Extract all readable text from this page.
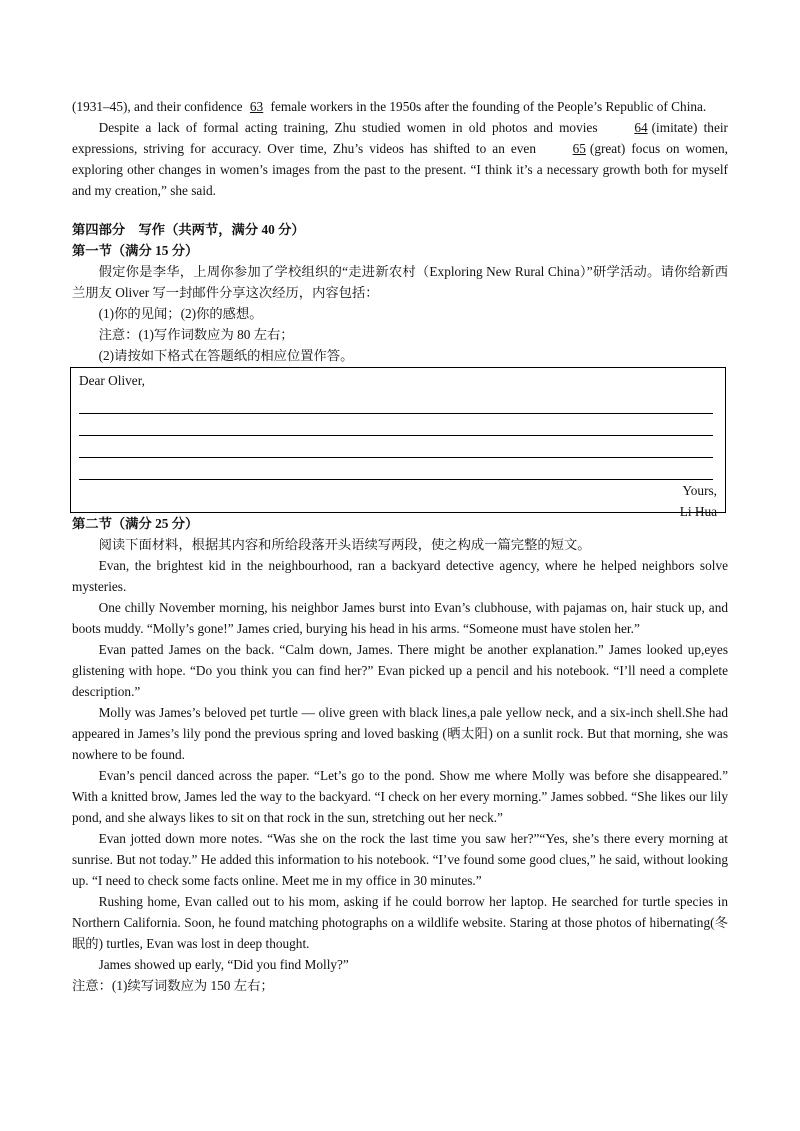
(1931–45), and their confidence 63 female workers in the 1950s after the founding of the People’s Republic of China.

Despite a lack of formal acting training, Zhu studied women in old photos and movies 64 (imitate) their expressions, striving for accuracy. Over time, Zhu’s videos has shifted to an even 65 (great) focus on women, exploring other changes in women’s images from the past to the present. “I think it’s a necessary growth both for myself and my creation,” she said.

第四部分　写作（共两节，满分 40 分）

第一节（满分 15 分）

假定你是李华，上周你参加了学校组织的“走进新农村（Exploring New Rural China）”研学活动。请你给新西兰朋友 Oliver 写一封邮件分享这次经历，内容包括：

(1)你的见闻；(2)你的感想。

注意：(1)写作词数应为 80 左右；

(2)请按如下格式在答题纸的相应位置作答。

Dear Oliver,
Yours,
Li Hua

第二节（满分 25 分）

阅读下面材料，根据其内容和所给段落开头语续写两段，使之构成一篇完整的短文。

Evan, the brightest kid in the neighbourhood, ran a backyard detective agency, where he helped neighbors solve mysteries.

One chilly November morning, his neighbor James burst into Evan’s clubhouse, with pajamas on, hair stuck up, and boots muddy. “Molly’s gone!” James cried, burying his head in his arms. “Someone must have stolen her.”

Evan patted James on the back. “Calm down, James. There might be another explanation.” James looked up,eyes glistening with hope. “Do you think you can find her?” Evan picked up a pencil and his notebook. “I’ll need a complete description.”

Molly was James’s beloved pet turtle — olive green with black lines,a pale yellow neck, and a six-inch shell.She had appeared in James’s lily pond the previous spring and loved basking (晒太阳) on a sunlit rock. But that morning, she was nowhere to be found.

Evan’s pencil danced across the paper. “Let’s go to the pond. Show me where Molly was before she disappeared.” With a knitted brow, James led the way to the backyard. “I check on her every morning.” James sobbed. “She likes our lily pond, and she always likes to sit on that rock in the sun, stretching out her neck.”

Evan jotted down more notes. “Was she on the rock the last time you saw her?”“Yes, she’s there every morning at sunrise. But not today.” He added this information to his notebook. “I’ve found some good clues,” he said, without looking up. “I need to check some facts online. Meet me in my office in 30 minutes.”

Rushing home, Evan called out to his mom, asking if he could borrow her laptop. He searched for turtle species in Northern California. Soon, he found matching photographs on a wildlife website. Staring at those photos of hibernating(冬眠的) turtles, Evan was lost in deep thought.

James showed up early, “Did you find Molly?”

注意：(1)续写词数应为 150 左右；
